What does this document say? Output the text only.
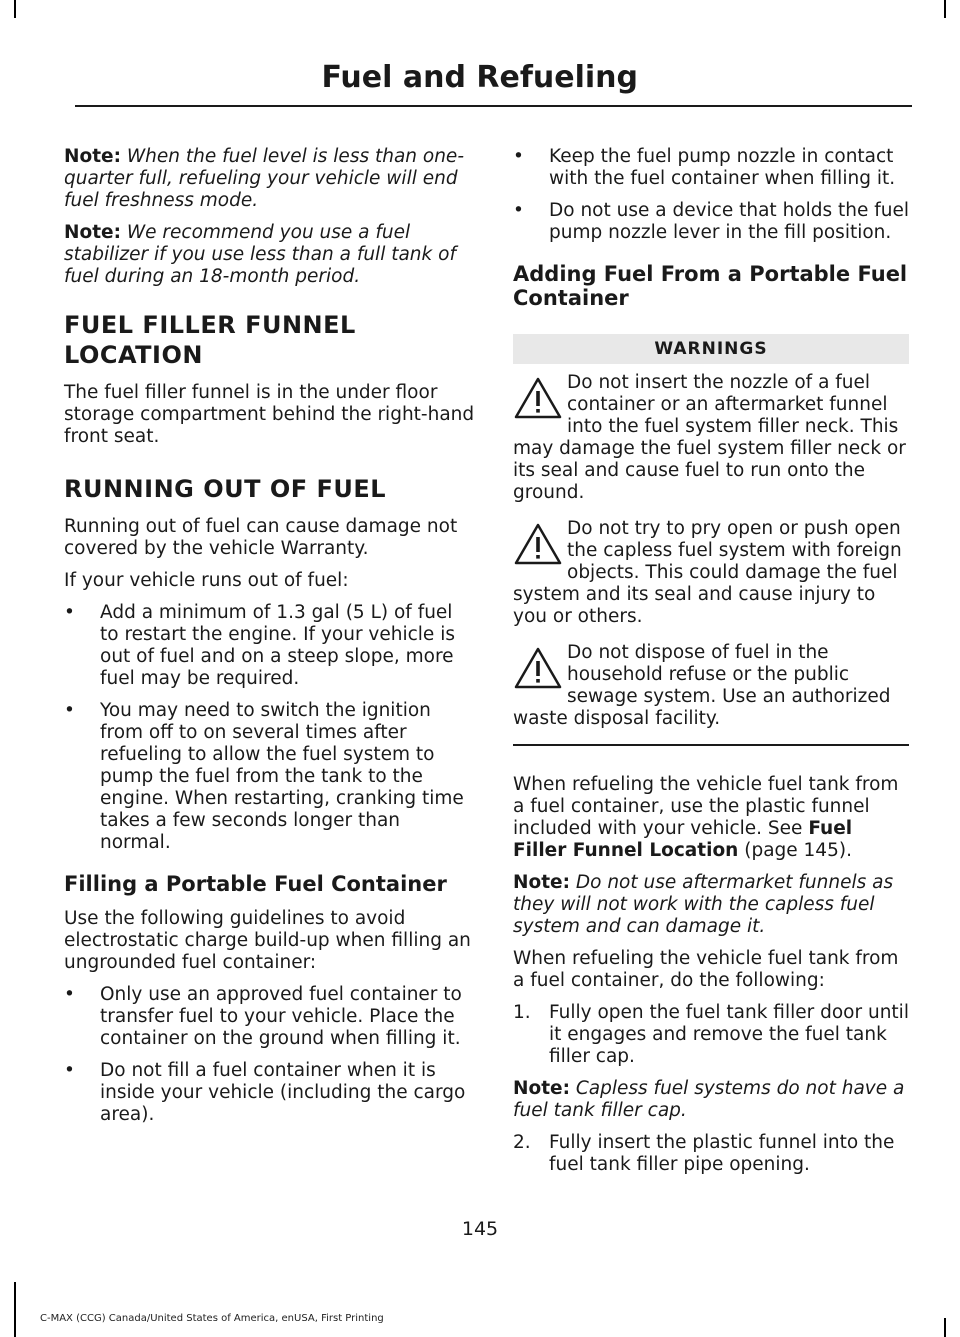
Fuel and Refueling

Note: When the fuel level is less than one-quarter full, refueling your vehicle will end fuel freshness mode.

Note: We recommend you use a fuel stabilizer if you use less than a full tank of fuel during an 18-month period.

FUEL FILLER FUNNEL
LOCATION

The fuel filler funnel is in the under floor storage compartment behind the right-hand front seat.

RUNNING OUT OF FUEL

Running out of fuel can cause damage not covered by the vehicle Warranty.

If your vehicle runs out of fuel:

• Add a minimum of 1.3 gal (5 L) of fuel to restart the engine. If your vehicle is out of fuel and on a steep slope, more fuel may be required.
• You may need to switch the ignition from off to on several times after refueling to allow the fuel system to pump the fuel from the tank to the engine. When restarting, cranking time takes a few seconds longer than normal.
Filling a Portable Fuel Container

Use the following guidelines to avoid electrostatic charge build-up when filling an ungrounded fuel container:

• Only use an approved fuel container to transfer fuel to your vehicle. Place the container on the ground when filling it.
• Do not fill a fuel container when it is inside your vehicle (including the cargo area).
• Keep the fuel pump nozzle in contact with the fuel container when filling it.
• Do not use a device that holds the fuel pump nozzle lever in the fill position.
Adding Fuel From a Portable Fuel Container
WARNINGS
Do not insert the nozzle of a fuel container or an aftermarket funnel into the fuel system filler neck. This may damage the fuel system filler neck or its seal and cause fuel to run onto the ground.
Do not try to pry open or push open the capless fuel system with foreign objects. This could damage the fuel system and its seal and cause injury to you or others.
Do not dispose of fuel in the household refuse or the public sewage system. Use an authorized waste disposal facility.

When refueling the vehicle fuel tank from a fuel container, use the plastic funnel included with your vehicle. See Fuel Filler Funnel Location (page 145).

Note: Do not use aftermarket funnels as they will not work with the capless fuel system and can damage it.

When refueling the vehicle fuel tank from a fuel container, do the following:

1. Fully open the fuel tank filler door until it engages and remove the fuel tank filler cap.

Note: Capless fuel systems do not have a fuel tank filler cap.

2. Fully insert the plastic funnel into the fuel tank filler pipe opening.
145
C-MAX (CCG) Canada/United States of America, enUSA, First Printing
